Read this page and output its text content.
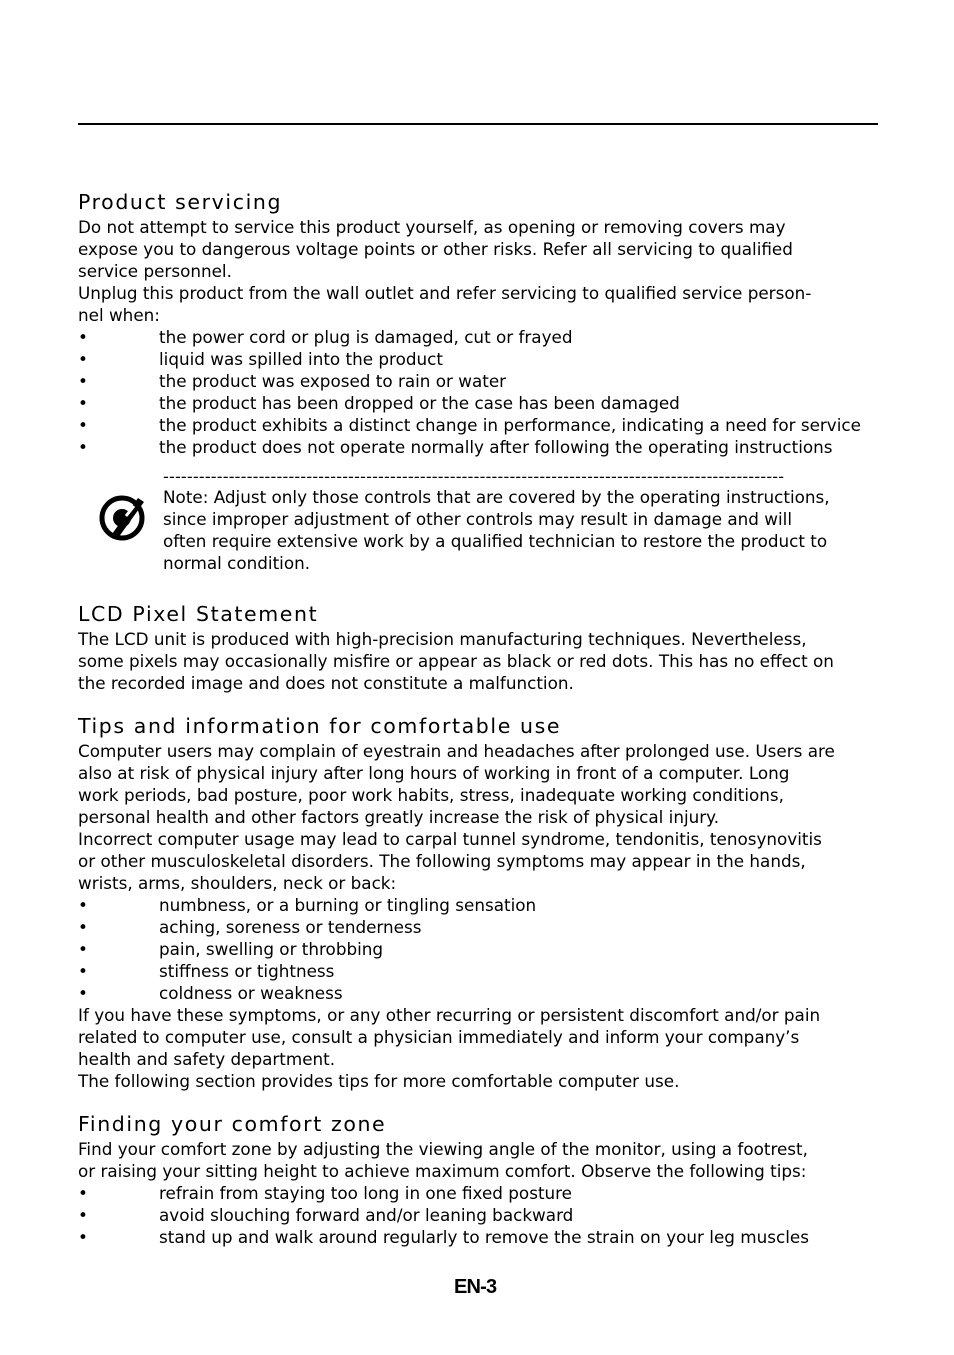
Product servicing

Do not attempt to service this product yourself, as opening or removing covers may
expose you to dangerous voltage points or other risks. Refer all servicing to qualified
service personnel.

Unplug this product from the wall outlet and refer servicing to qualified service person-
nel when:

•	the power cord or plug is damaged, cut or frayed
•	liquid was spilled into the product
•	the product was exposed to rain or water
•	the product has been dropped or the case has been damaged
•	the product exhibits a distinct change in performance, indicating a need for service
•	the product does not operate normally after following the operating instructions
--------------------------------------------------------------------------------------------------------
Note: Adjust only those controls that are covered by the operating instructions,
since improper adjustment of other controls may result in damage and will
often require extensive work by a qualified technician to restore the product to
normal condition.
LCD Pixel Statement

The LCD unit is produced with high-precision manufacturing techniques. Nevertheless,
some pixels may occasionally misfire or appear as black or red dots. This has no effect on
the recorded image and does not constitute a malfunction.

Tips and information for comfortable use

Computer users may complain of eyestrain and headaches after prolonged use. Users are
also at risk of physical injury after long hours of working in front of a computer. Long
work periods, bad posture, poor work habits, stress, inadequate working conditions,
personal health and other factors greatly increase the risk of physical injury.

Incorrect computer usage may lead to carpal tunnel syndrome, tendonitis, tenosynovitis
or other musculoskeletal disorders. The following symptoms may appear in the hands,
wrists, arms, shoulders, neck or back:

•	numbness, or a burning or tingling sensation
•	aching, soreness or tenderness
•	pain, swelling or throbbing
•	stiffness or tightness
•	coldness or weakness

If you have these symptoms, or any other recurring or persistent discomfort and/or pain
related to computer use, consult a physician immediately and inform your company’s
health and safety department.

The following section provides tips for more comfortable computer use.

Finding your comfort zone

Find your comfort zone by adjusting the viewing angle of the monitor, using a footrest,
or raising your sitting height to achieve maximum comfort. Observe the following tips:

•	refrain from staying too long in one fixed posture
•	avoid slouching forward and/or leaning backward
•	stand up and walk around regularly to remove the strain on your leg muscles
EN-3
